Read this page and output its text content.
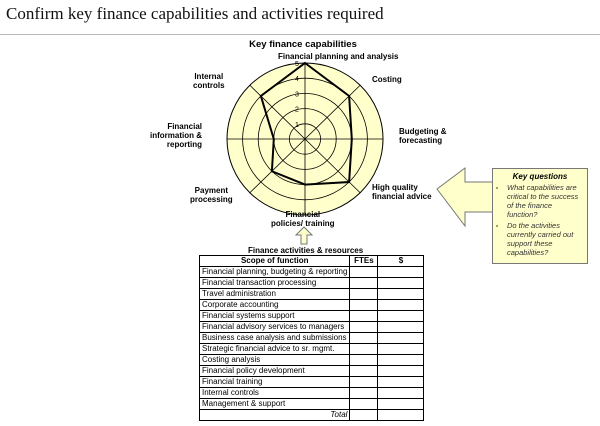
Confirm key finance capabilities and activities required
Key finance capabilities
1
2
3
4
5
Financial planning and analysis
Costing
Budgeting &
forecasting
High quality
financial advice
Financial
policies/ training
Payment
processing
Financial
information &
reporting
Internal
controls
Key questions
• What capabilities are critical to the success of the finance function?
• Do the activities currently carried out support these capabilities?
Finance activities & resources
Scope of function	FTEs	$
Financial planning, budgeting & reporting		
Financial transaction processing		
Travel administration		
Corporate accounting		
Financial systems support		
Financial advisory services to managers		
Business case analysis and submissions		
Strategic financial advice to sr. mgmt.		
Costing analysis		
Financial policy development		
Financial training		
Internal controls		
Management & support		
Total		
